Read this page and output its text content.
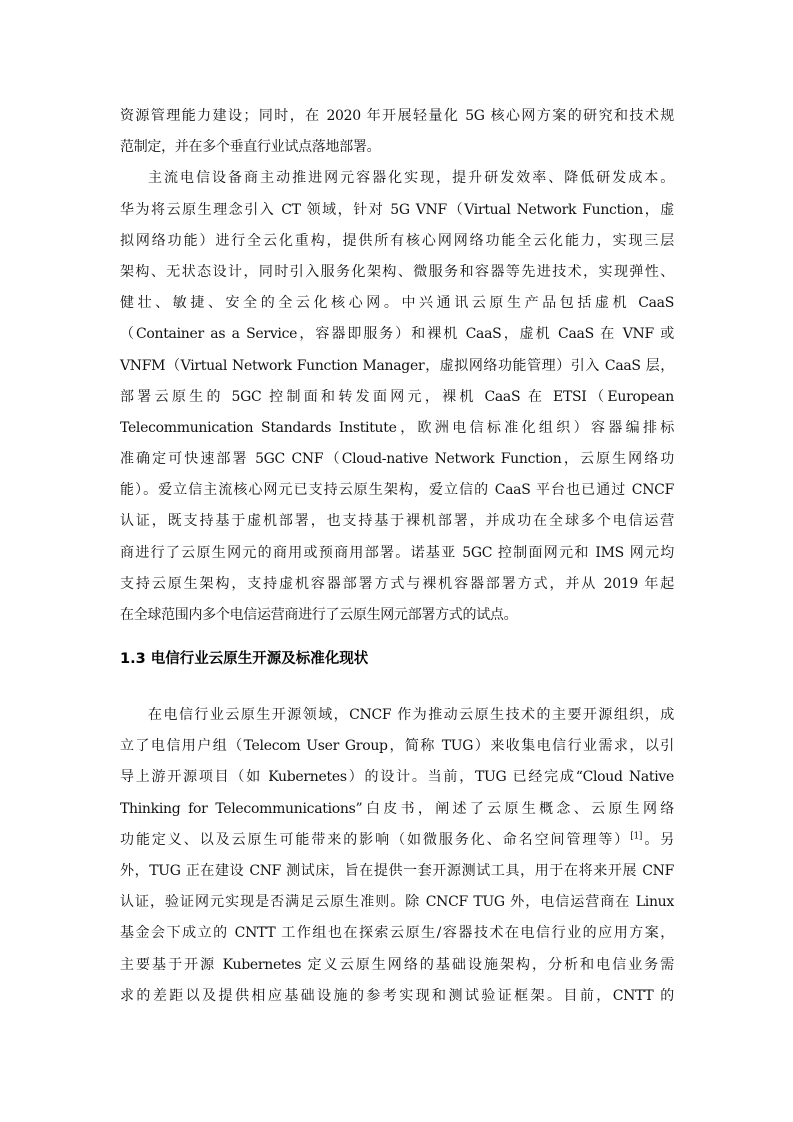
资源管理能力建设；同时，在 2020 年开展轻量化 5G 核心网方案的研究和技术规
范制定，并在多个垂直行业试点落地部署。
主流电信设备商主动推进网元容器化实现，提升研发效率、降低研发成本。
华为将云原生理念引入 CT 领域，针对 5G VNF（Virtual Network Function，虚
拟网络功能）进行全云化重构，提供所有核心网网络功能全云化能力，实现三层
架构、无状态设计，同时引入服务化架构、微服务和容器等先进技术，实现弹性、
健壮、敏捷、安全的全云化核心网。中兴通讯云原生产品包括虚机 CaaS
（Container as a Service，容器即服务）和裸机 CaaS，虚机 CaaS 在 VNF 或
VNFM（Virtual Network Function Manager，虚拟网络功能管理）引入 CaaS 层，
部署云原生的 5GC 控制面和转发面网元，裸机 CaaS 在 ETSI（European
Telecommunication Standards Institute，欧洲电信标准化组织）容器编排标
准确定可快速部署 5GC CNF（Cloud-native Network Function，云原生网络功
能）。爱立信主流核心网元已支持云原生架构，爱立信的 CaaS 平台也已通过 CNCF
认证，既支持基于虚机部署，也支持基于裸机部署，并成功在全球多个电信运营
商进行了云原生网元的商用或预商用部署。诺基亚 5GC 控制面网元和 IMS 网元均
支持云原生架构，支持虚机容器部署方式与裸机容器部署方式，并从 2019 年起
在全球范围内多个电信运营商进行了云原生网元部署方式的试点。
1.3 电信行业云原生开源及标准化现状
在电信行业云原生开源领域，CNCF 作为推动云原生技术的主要开源组织，成
立了电信用户组（Telecom User Group，简称 TUG）来收集电信行业需求，以引
导上游开源项目（如 Kubernetes）的设计。当前，TUG 已经完成“Cloud Native
Thinking for Telecommunications”白皮书，阐述了云原生概念、云原生网络
功能定义、以及云原生可能带来的影响（如微服务化、命名空间管理等）[1]。另
外，TUG 正在建设 CNF 测试床，旨在提供一套开源测试工具，用于在将来开展 CNF
认证，验证网元实现是否满足云原生准则。除 CNCF TUG 外，电信运营商在 Linux
基金会下成立的 CNTT 工作组也在探索云原生/容器技术在电信行业的应用方案，
主要基于开源 Kubernetes 定义云原生网络的基础设施架构，分析和电信业务需
求的差距以及提供相应基础设施的参考实现和测试验证框架。目前，CNTT 的
